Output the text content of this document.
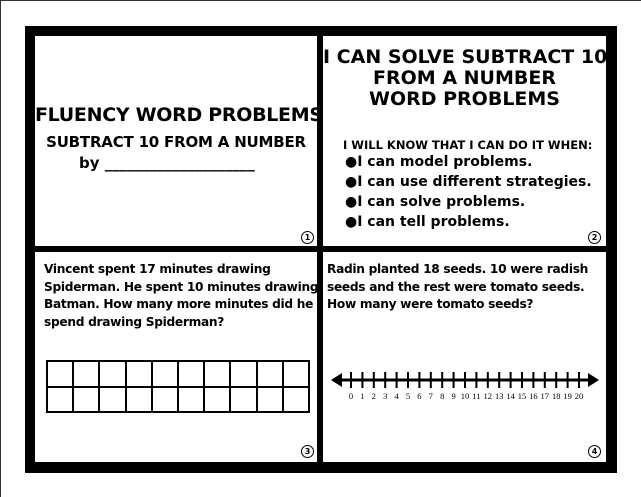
FLUENCY WORD PROBLEMS
SUBTRACT 10 FROM A NUMBER
by ____________________
1
I CAN SOLVE SUBTRACT 10
FROM A NUMBER
WORD PROBLEMS
I WILL KNOW THAT I CAN DO IT WHEN:
●I can model problems.
●I can use different strategies.
●I can solve problems.
●I can tell problems.
2
Vincent spent 17 minutes drawing
Spiderman. He spent 10 minutes drawing
Batman. How many more minutes did he
spend drawing Spiderman?

3
Radin planted 18 seeds. 10 were radish
seeds and the rest were tomato seeds.
How many were tomato seeds?
0 1 2 3 4 5 6 7 8 9 10 11 12 13 14 15 16 17 18 19 20
4
